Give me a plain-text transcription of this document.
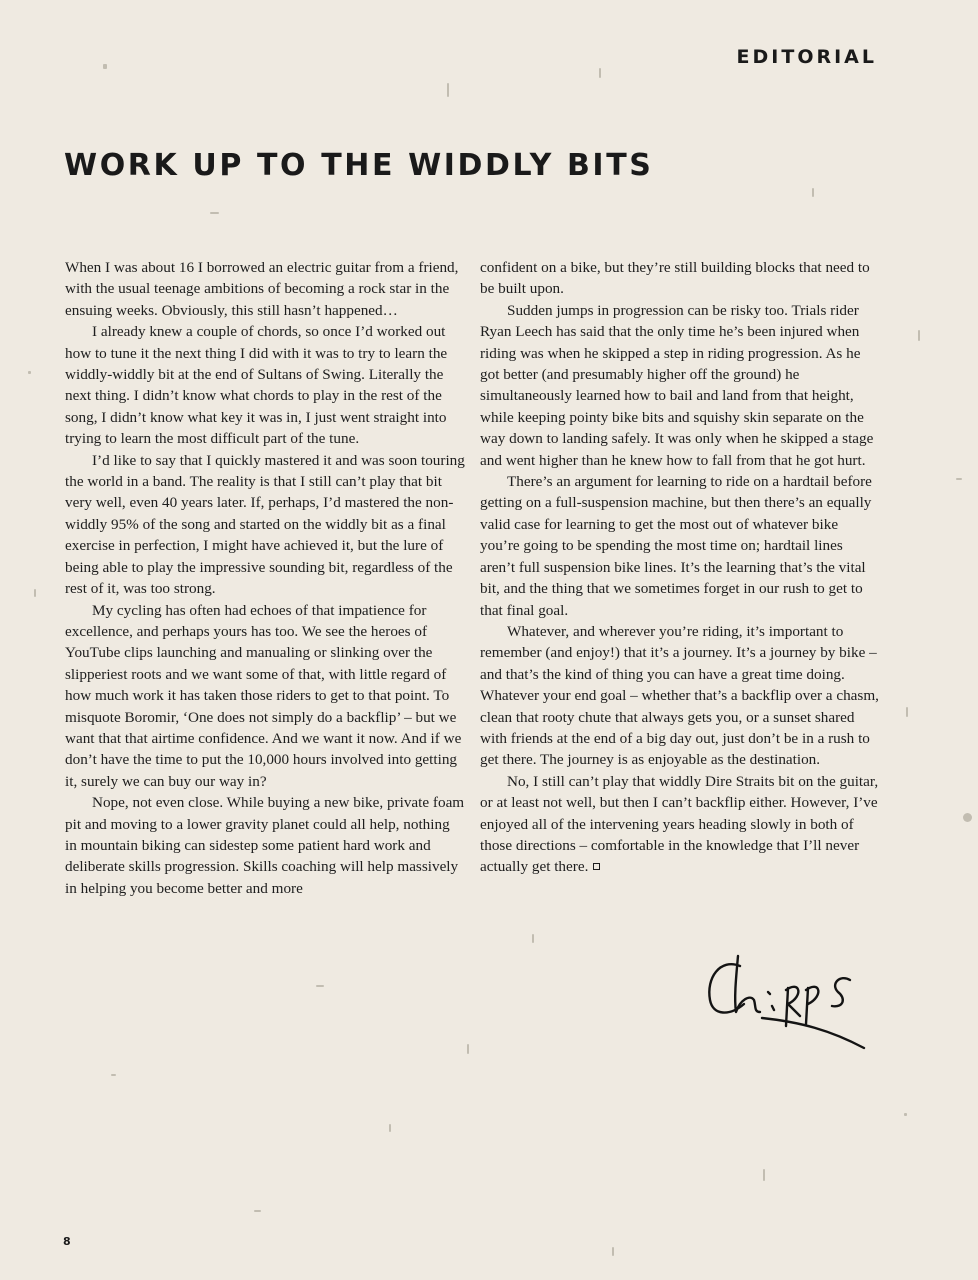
EDITORIAL
WORK UP TO THE WIDDLY BITS

When I was about 16 I borrowed an electric guitar from a friend, with the usual teenage ambitions of becoming a rock star in the ensuing weeks. Obviously, this still hasn’t happened…

I already knew a couple of chords, so once I’d worked out how to tune it the next thing I did with it was to try to learn the widdly-widdly bit at the end of Sultans of Swing. Literally the next thing. I didn’t know what chords to play in the rest of the song, I didn’t know what key it was in, I just went straight into trying to learn the most difficult part of the tune.

I’d like to say that I quickly mastered it and was soon touring the world in a band. The reality is that I still can’t play that bit very well, even 40 years later. If, perhaps, I’d mastered the non-widdly 95% of the song and started on the widdly bit as a final exercise in perfection, I might have achieved it, but the lure of being able to play the impressive sounding bit, regardless of the rest of it, was too strong.

My cycling has often had echoes of that impatience for excellence, and perhaps yours has too. We see the heroes of YouTube clips launching and manualing or slinking over the slipperiest roots and we want some of that, with little regard of how much work it has taken those riders to get to that point. To misquote Boromir, ‘One does not simply do a backflip’ – but we want that that airtime confidence. And we want it now. And if we don’t have the time to put the 10,000 hours involved into getting it, surely we can buy our way in?

Nope, not even close. While buying a new bike, private foam pit and moving to a lower gravity planet could all help, nothing in mountain biking can sidestep some patient hard work and deliberate skills progression. Skills coaching will help massively in helping you become better and more

confident on a bike, but they’re still building blocks that need to be built upon.

Sudden jumps in progression can be risky too. Trials rider Ryan Leech has said that the only time he’s been injured when riding was when he skipped a step in riding progression. As he got better (and presumably higher off the ground) he simultaneously learned how to bail and land from that height, while keeping pointy bike bits and squishy skin separate on the way down to landing safely. It was only when he skipped a stage and went higher than he knew how to fall from that he got hurt.

There’s an argument for learning to ride on a hardtail before getting on a full-suspension machine, but then there’s an equally valid case for learning to get the most out of whatever bike you’re going to be spending the most time on; hardtail lines aren’t full suspension bike lines. It’s the learning that’s the vital bit, and the thing that we sometimes forget in our rush to get to that final goal.

Whatever, and wherever you’re riding, it’s important to remember (and enjoy!) that it’s a journey. It’s a journey by bike – and that’s the kind of thing you can have a great time doing. Whatever your end goal – whether that’s a backflip over a chasm, clean that rooty chute that always gets you, or a sunset shared with friends at the end of a big day out, just don’t be in a rush to get there. The journey is as enjoyable as the destination.

No, I still can’t play that widdly Dire Straits bit on the guitar, or at least not well, but then I can’t backflip either. However, I’ve enjoyed all of the intervening years heading slowly in both of those directions – comfortable in the knowledge that I’ll never actually get there.

8
